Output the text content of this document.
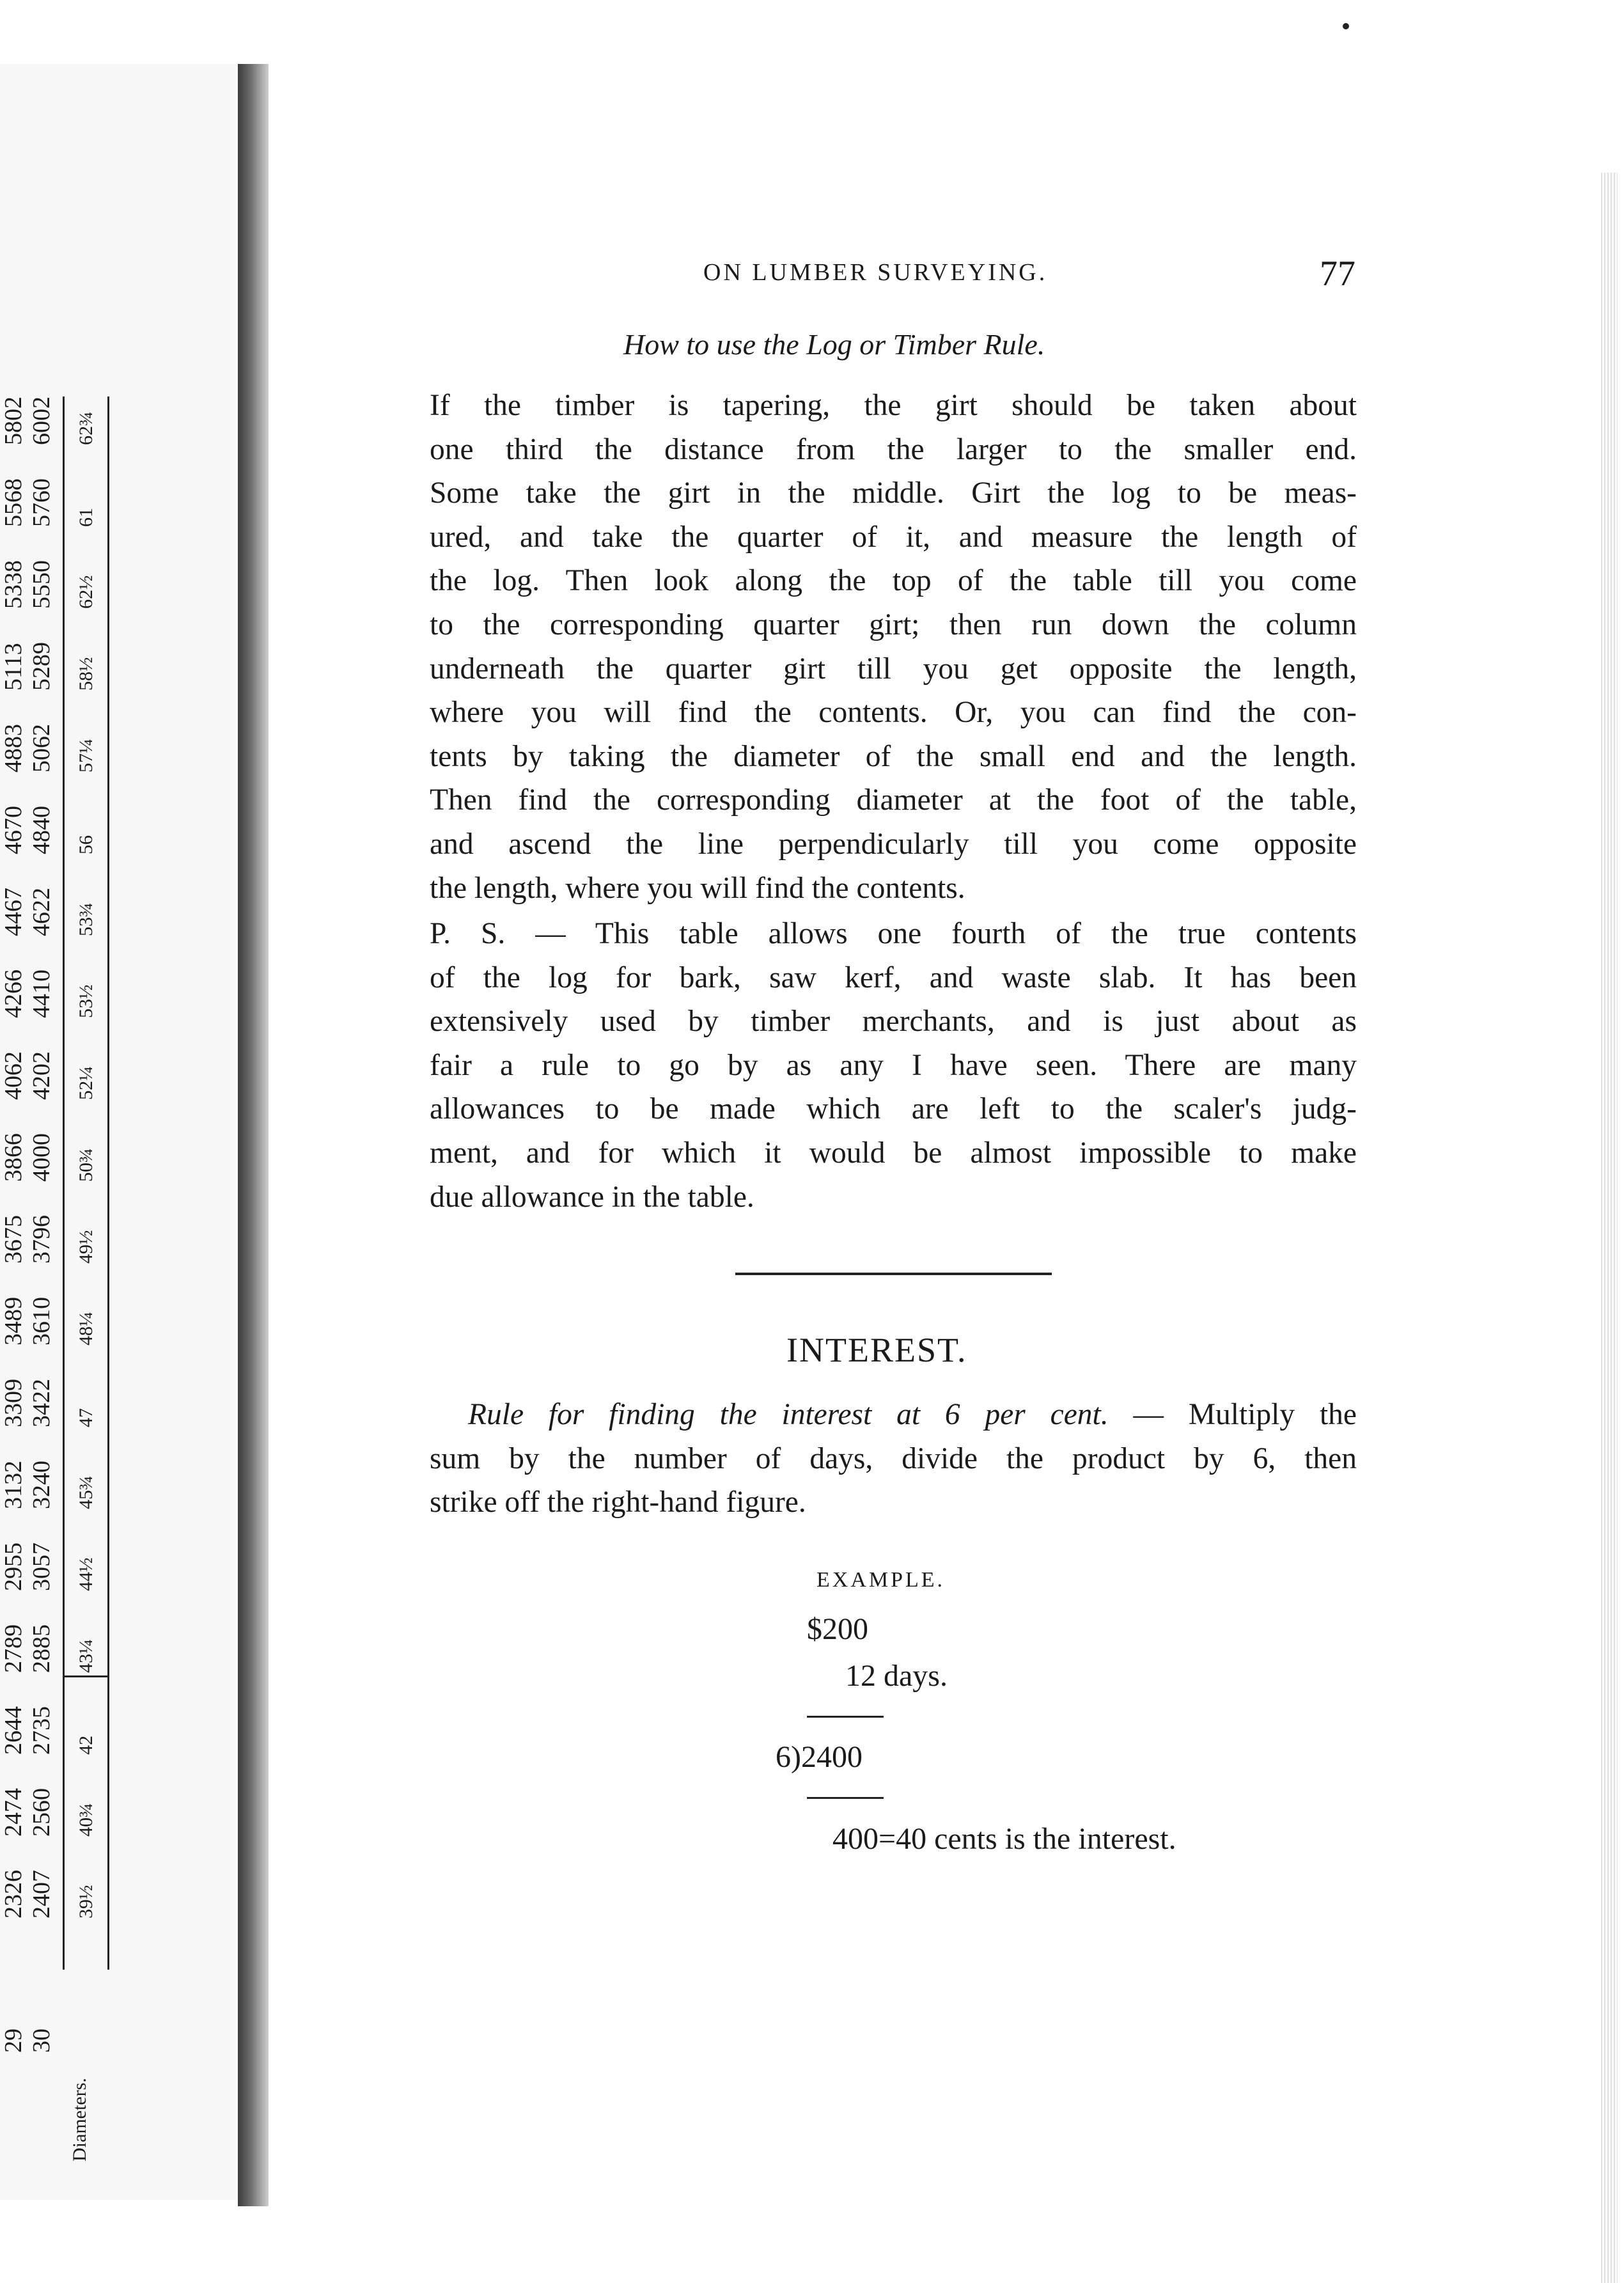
2326
2474
2644
2789
2955
3132
3309
3489
3675
3866
4062
4266
4467
4670
4883
5113
5338
5568
5802
2407
2560
2735
2885
3057
3240
3422
3610
3796
4000
4202
4410
4622
4840
5062
5289
5550
5760
6002
39½
40¾
42
43¼
44½
45¾
47
48¼
49½
50¾
52¼
53½
53¾
56
57¼
58½
62½
61
62¾
29 30
Diameters.
ON LUMBER SURVEYING.	77
How to use the Log or Timber Rule.

If the timber is tapering, the girt should be taken about
one third the distance from the larger to the smaller end.
Some take the girt in the middle. Girt the log to be meas-
ured, and take the quarter of it, and measure the length of
the log. Then look along the top of the table till you come
to the corresponding quarter girt; then run down the column
underneath the quarter girt till you get opposite the length,
where you will find the contents. Or, you can find the con-
tents by taking the diameter of the small end and the length.
Then find the corresponding diameter at the foot of the table,
and ascend the line perpendicularly till you come opposite
the length, where you will find the contents.

P. S. — This table allows one fourth of the true contents
of the log for bark, saw kerf, and waste slab. It has been
extensively used by timber merchants, and is just about as
fair a rule to go by as any I have seen. There are many
allowances to be made which are left to the scaler's judg-
ment, and for which it would be almost impossible to make
due allowance in the table.

INTEREST.

Rule for finding the interest at 6 per cent. — Multiply the
sum by the number of days, divide the product by 6, then
strike off the right-hand figure.

EXAMPLE.
$200
12 days.
6)2400
400=40 cents is the interest.
